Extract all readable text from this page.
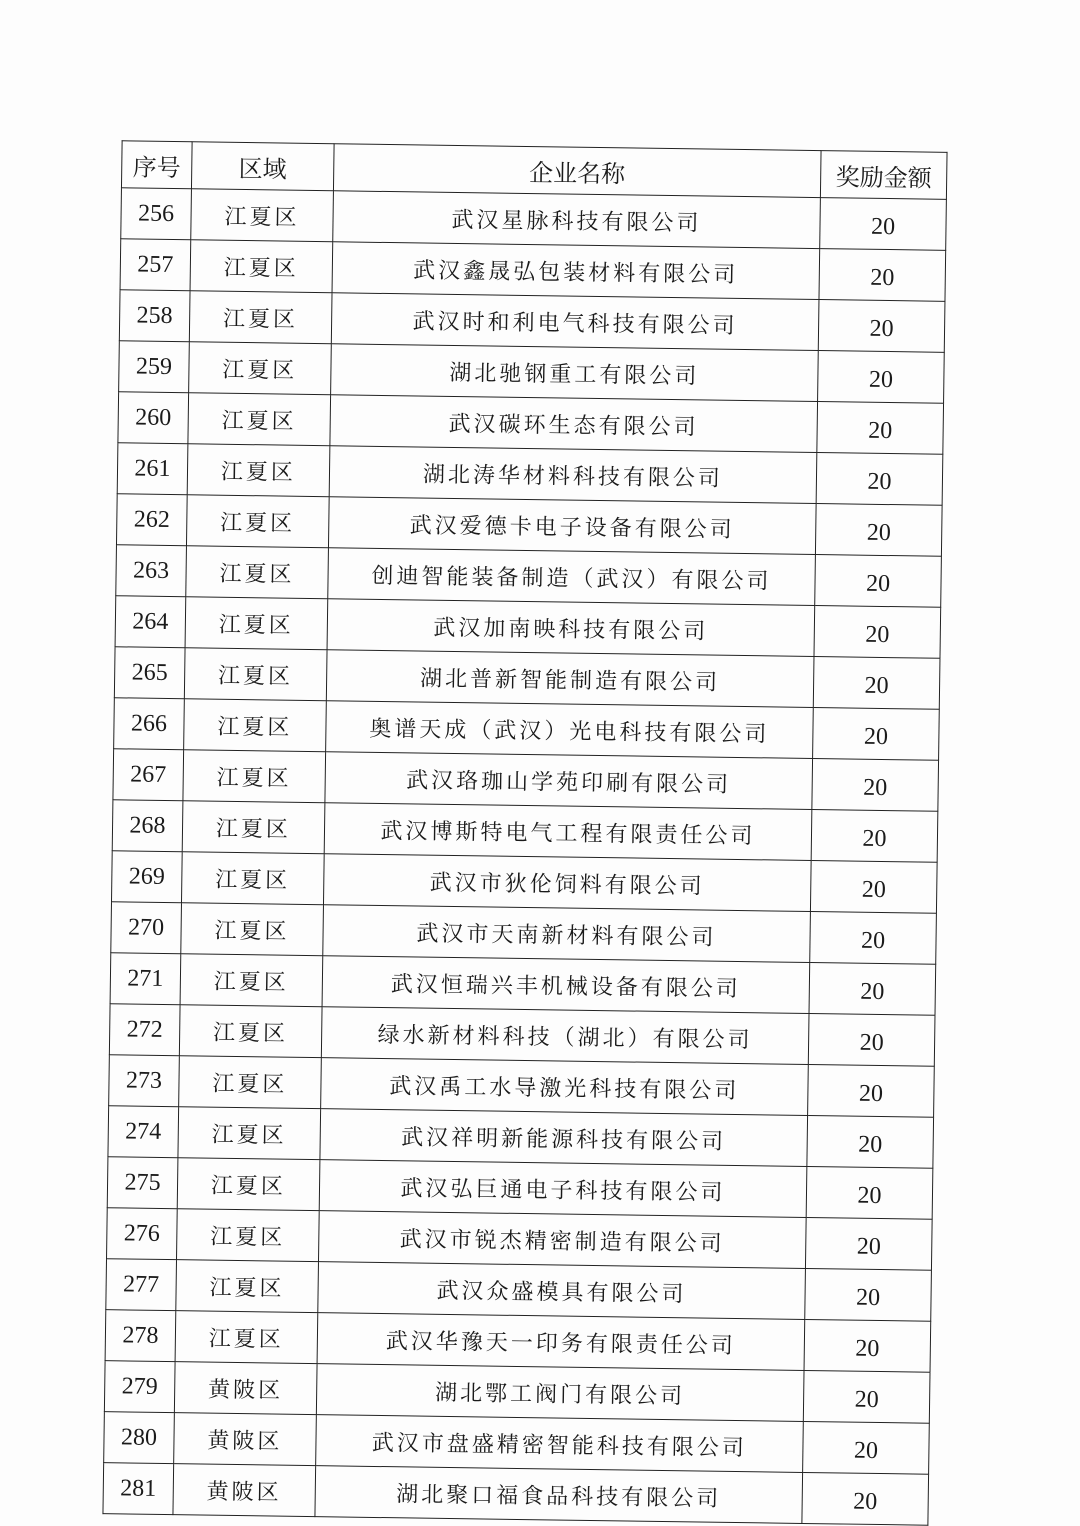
序号	区域	企业名称	奖励金额
256	江夏区	武汉星脉科技有限公司	20
257	江夏区	武汉鑫晟弘包装材料有限公司	20
258	江夏区	武汉时和利电气科技有限公司	20
259	江夏区	湖北驰钢重工有限公司	20
260	江夏区	武汉碳环生态有限公司	20
261	江夏区	湖北涛华材料科技有限公司	20
262	江夏区	武汉爱德卡电子设备有限公司	20
263	江夏区	创迪智能装备制造（武汉）有限公司	20
264	江夏区	武汉加南映科技有限公司	20
265	江夏区	湖北普新智能制造有限公司	20
266	江夏区	奥谱天成（武汉）光电科技有限公司	20
267	江夏区	武汉珞珈山学苑印刷有限公司	20
268	江夏区	武汉博斯特电气工程有限责任公司	20
269	江夏区	武汉市狄伦饲料有限公司	20
270	江夏区	武汉市天南新材料有限公司	20
271	江夏区	武汉恒瑞兴丰机械设备有限公司	20
272	江夏区	绿水新材料科技（湖北）有限公司	20
273	江夏区	武汉禹工水导激光科技有限公司	20
274	江夏区	武汉祥明新能源科技有限公司	20
275	江夏区	武汉弘巨通电子科技有限公司	20
276	江夏区	武汉市锐杰精密制造有限公司	20
277	江夏区	武汉众盛模具有限公司	20
278	江夏区	武汉华豫天一印务有限责任公司	20
279	黄陂区	湖北鄂工阀门有限公司	20
280	黄陂区	武汉市盘盛精密智能科技有限公司	20
281	黄陂区	湖北聚口福食品科技有限公司	20
